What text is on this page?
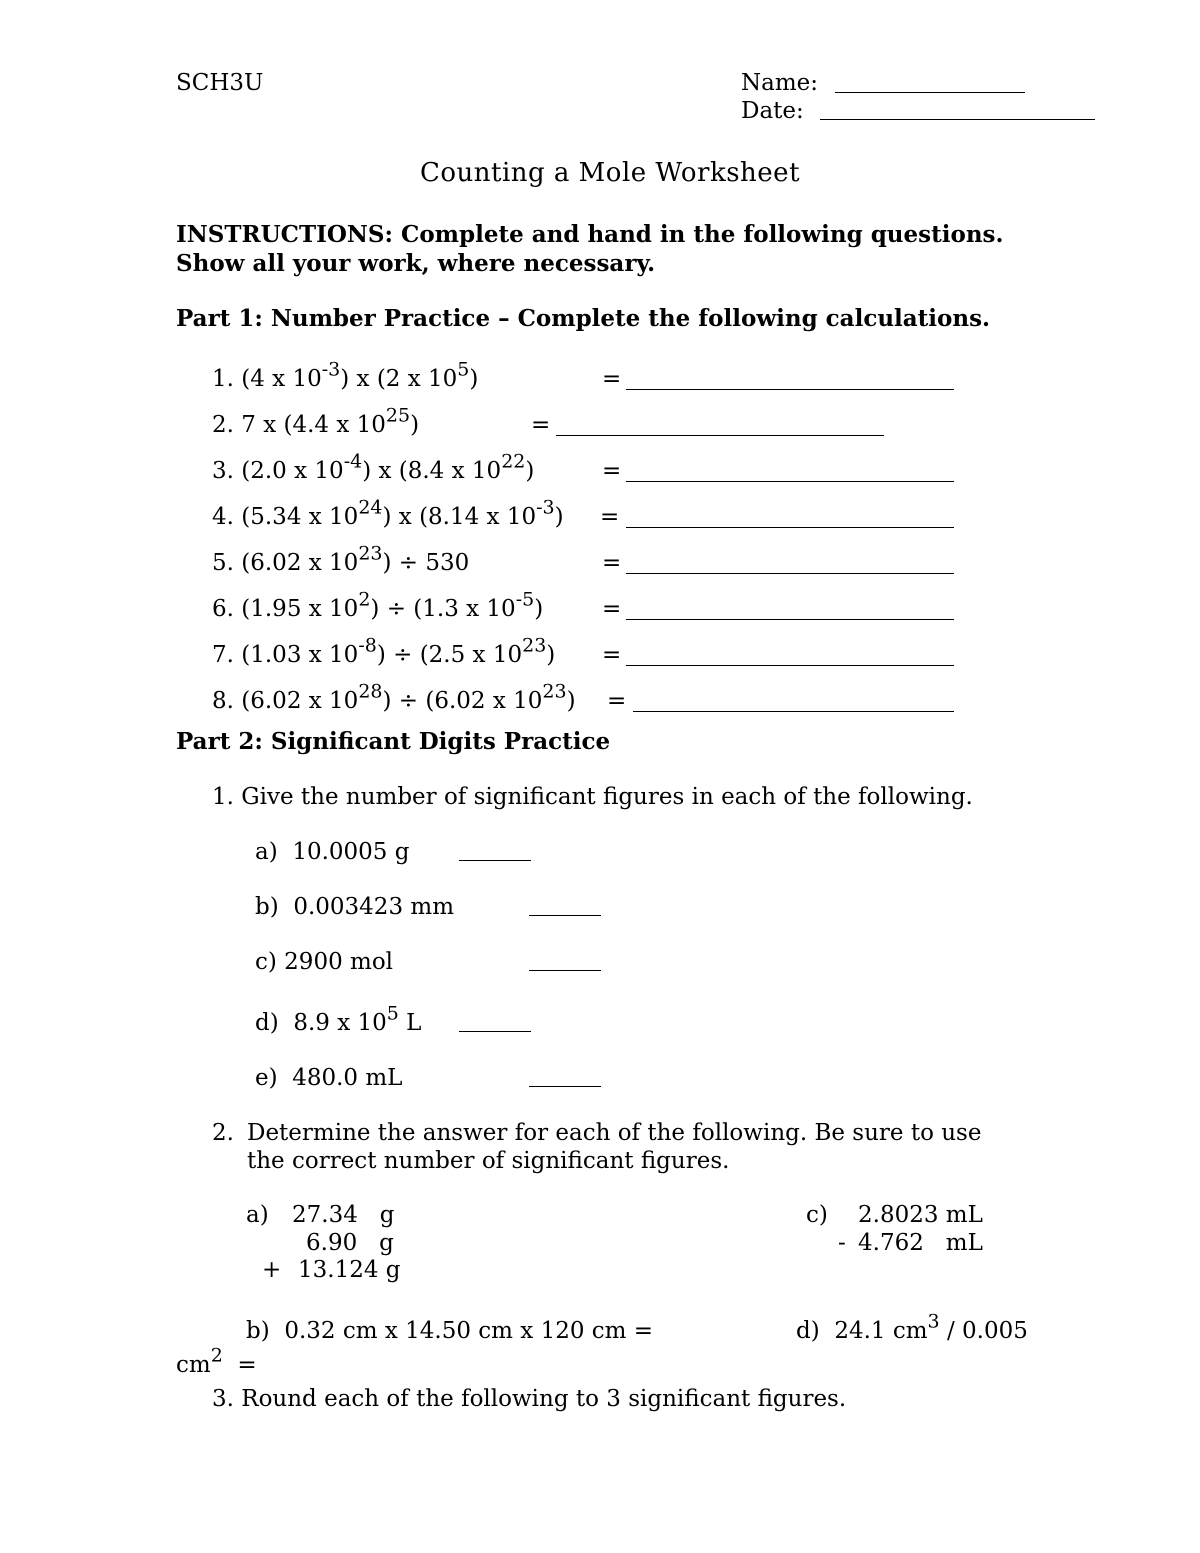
SCH3U	Name:
Date:
Counting a Mole Worksheet
INSTRUCTIONS: Complete and hand in the following questions.
Show all your work, where necessary.
Part 1: Number Practice – Complete the following calculations.
1. (4 x $10^{-3}$) x (2 x $10^5$)	=
2. 7 x (4.4 x $10^{25}$)	=
3. (2.0 x $10^{-4}$) x (8.4 x $10^{22}$)	=
4. (5.34 x $10^{24}$) x (8.14 x $10^{-3}$) =
5. (6.02 x $10^{23}) \div 530$	=
6. (1.95 x $10^2) \div (1.3$ x $10^{-5}$)	=
7. (1.03 x $10^{-8}) \div (2.5$ x $10^{23}$) =
8. (6.02 x $10^{28}) \div (6.02$ x $10^{23}$) =
Part 2: Significant Digits Practice
1. Give the number of significant figures in each of the following.
a) 10.0005 g
b) 0.003423 mm
c) 2900 mol
d) 8.9 x $10^5$ L
e) 480.0 mL
2. Determine the answer for each of the following. Be sure to use
the correct number of significant figures.
a) 27.34   g
6.90   g
+ 13.124 g
c) 2.8023 mL
- 4.762   mL
b) 0.32 cm x 14.50 cm x 120 cm =	d) 24.1 $cm^3 / 0.005$
$cm^2$ =
3. Round each of the following to 3 significant figures.
